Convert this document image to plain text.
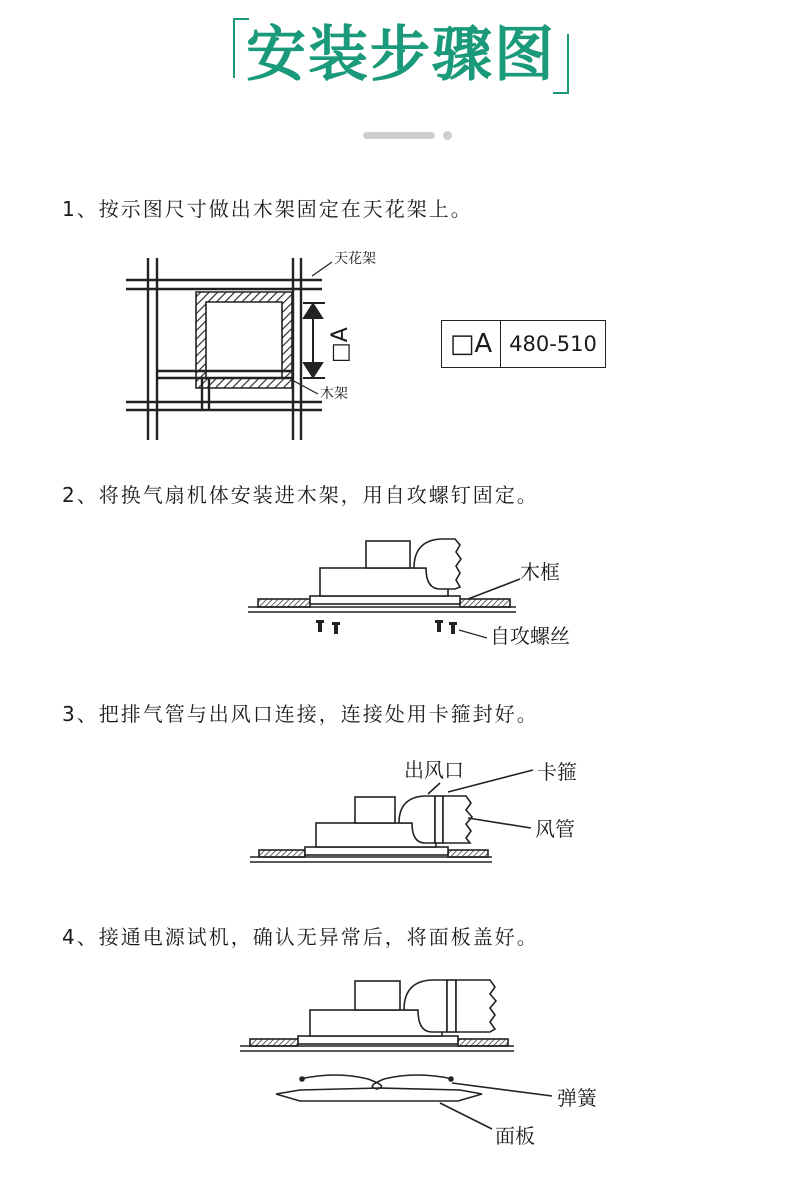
安装步骤图
1、按示图尺寸做出木架固定在天花架上。
天花架
木架
□A	□A 480-510
2、将换气扇机体安装进木架，用自攻螺钉固定。
木框
自攻螺丝
3、把排气管与出风口连接，连接处用卡箍封好。
出风口	卡箍
风管
4、接通电源试机，确认无异常后，将面板盖好。
弹簧
面板
